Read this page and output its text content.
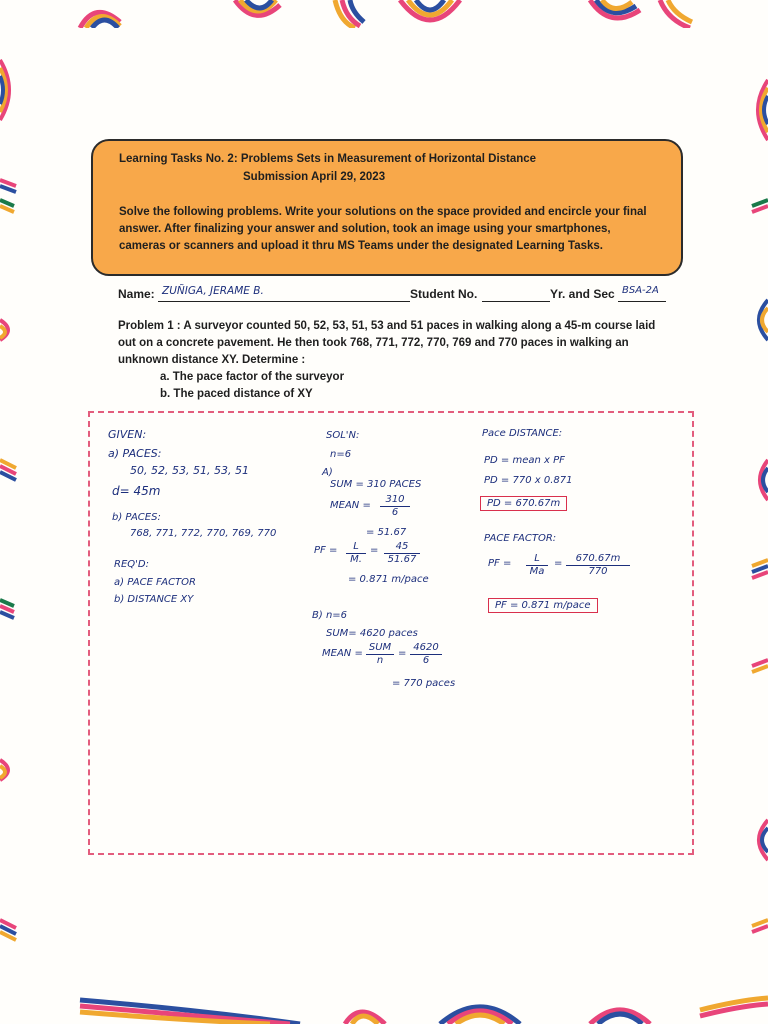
Learning Tasks No. 2: Problems Sets in Measurement of Horizontal Distance
Submission April 29, 2023
Solve the following problems. Write your solutions on the space provided and encircle your final answer. After finalizing your answer and solution, took an image using your smartphones, cameras or scanners and upload it thru MS Teams under the designated Learning Tasks.
Name: ZUÑIGA, JERAME B.	Student No.	Yr. and Sec BSA-2A
Problem 1 : A surveyor counted 50, 52, 53, 51, 53 and 51 paces in walking along a 45-m course laid out on a concrete pavement. He then took 768, 771, 772, 770, 769 and 770 paces in walking an unknown distance XY. Determine :
a. The pace factor of the surveyor
b. The paced distance of XY
GIVEN:
a) PACES:
50, 52, 53, 51, 53, 51
d= 45m
b) PACES:
768, 771, 772, 770, 769, 770
REQ'D:
a) PACE FACTOR
b) DISTANCE XY
SOL'N:
n=6
A)
SUM = 310 PACES
MEAN = $\frac{310}{6}$
= 51.67
PF = $\frac{L}{M.} = \frac{45}{51.67}$
= 0.871 m/pace
B) n=6
SUM= 4620 paces
MEAN =
SUM
n
= $\frac{4620}{6}$
= 770 paces
Pace DISTANCE:
PD = mean x PF
PD = 770 x 0.871
PD = 670.67m
PACE FACTOR:
PF = $\frac{L}{Ma} = \frac{670.67m}{770}$
PF = 0.871 m/pace
